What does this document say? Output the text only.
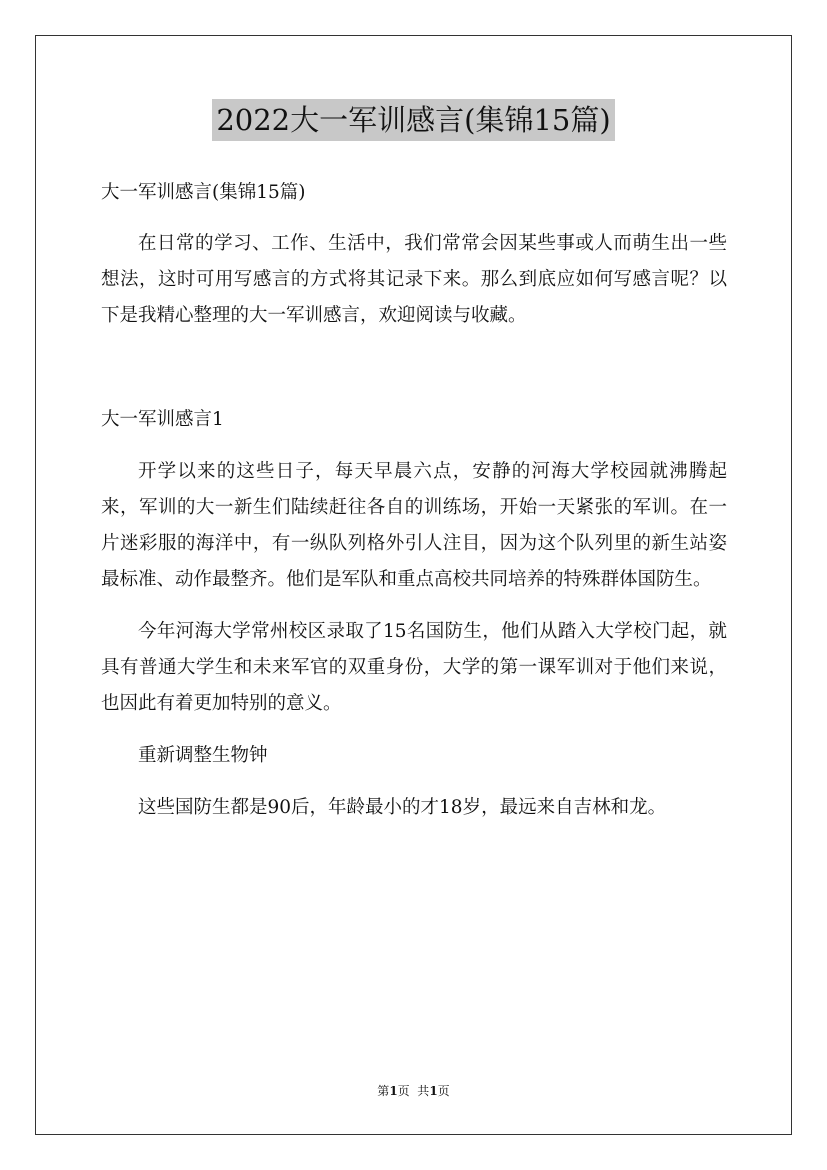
2022大一军训感言(集锦15篇)

大一军训感言(集锦15篇)

在日常的学习、工作、生活中，我们常常会因某些事或人而萌生出一些想法，这时可用写感言的方式将其记录下来。那么到底应如何写感言呢？以下是我精心整理的大一军训感言，欢迎阅读与收藏。

大一军训感言1

开学以来的这些日子，每天早晨六点，安静的河海大学校园就沸腾起来，军训的大一新生们陆续赶往各自的训练场，开始一天紧张的军训。在一片迷彩服的海洋中，有一纵队列格外引人注目，因为这个队列里的新生站姿最标准、动作最整齐。他们是军队和重点高校共同培养的特殊群体国防生。

今年河海大学常州校区录取了15名国防生，他们从踏入大学校门起，就具有普通大学生和未来军官的双重身份，大学的第一课军训对于他们来说，也因此有着更加特别的意义。

重新调整生物钟

这些国防生都是90后，年龄最小的才18岁，最远来自吉林和龙。

第1页  共1页
